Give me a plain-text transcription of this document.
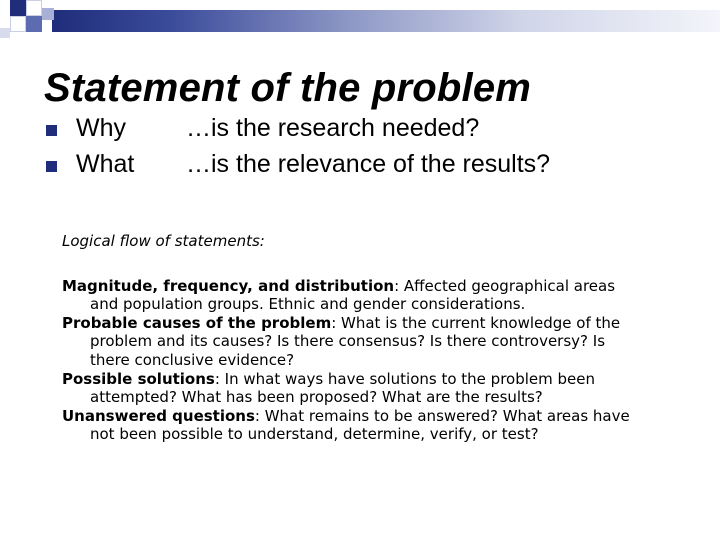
Statement of the problem
Why …is the research needed?
What …is the relevance of the results?
Logical flow of statements:

Magnitude, frequency, and distribution: Affected geographical areas and population groups. Ethnic and gender considerations.

Probable causes of the problem: What is the current knowledge of the problem and its causes? Is there consensus? Is there controversy? Is there conclusive evidence?

Possible solutions: In what ways have solutions to the problem been attempted? What has been proposed? What are the results?

Unanswered questions: What remains to be answered? What areas have not been possible to understand, determine, verify, or test?
